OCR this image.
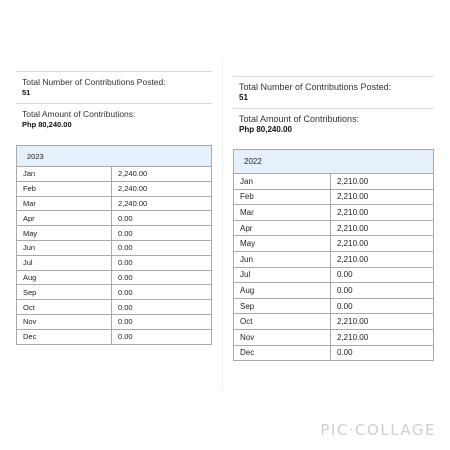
Total Number of Contributions Posted:
51
Total Amount of Contributions:
Php 80,240.00
2023	
Jan	2,240.00
Feb	2,240.00
Mar	2,240.00
Apr	0.00
May	0.00
Jun	0.00
Jul	0.00
Aug	0.00
Sep	0.00
Oct	0.00
Nov	0.00
Dec	0.00
Total Number of Contributions Posted:
51
Total Amount of Contributions:
Php 80,240.00
2022	
Jan	2,210.00
Feb	2,210.00
Mar	2,210.00
Apr	2,210.00
May	2,210.00
Jun	2,210.00
Jul	0.00
Aug	0.00
Sep	0.00
Oct	2,210.00
Nov	2,210.00
Dec	0.00
PIC·COLLAGE
